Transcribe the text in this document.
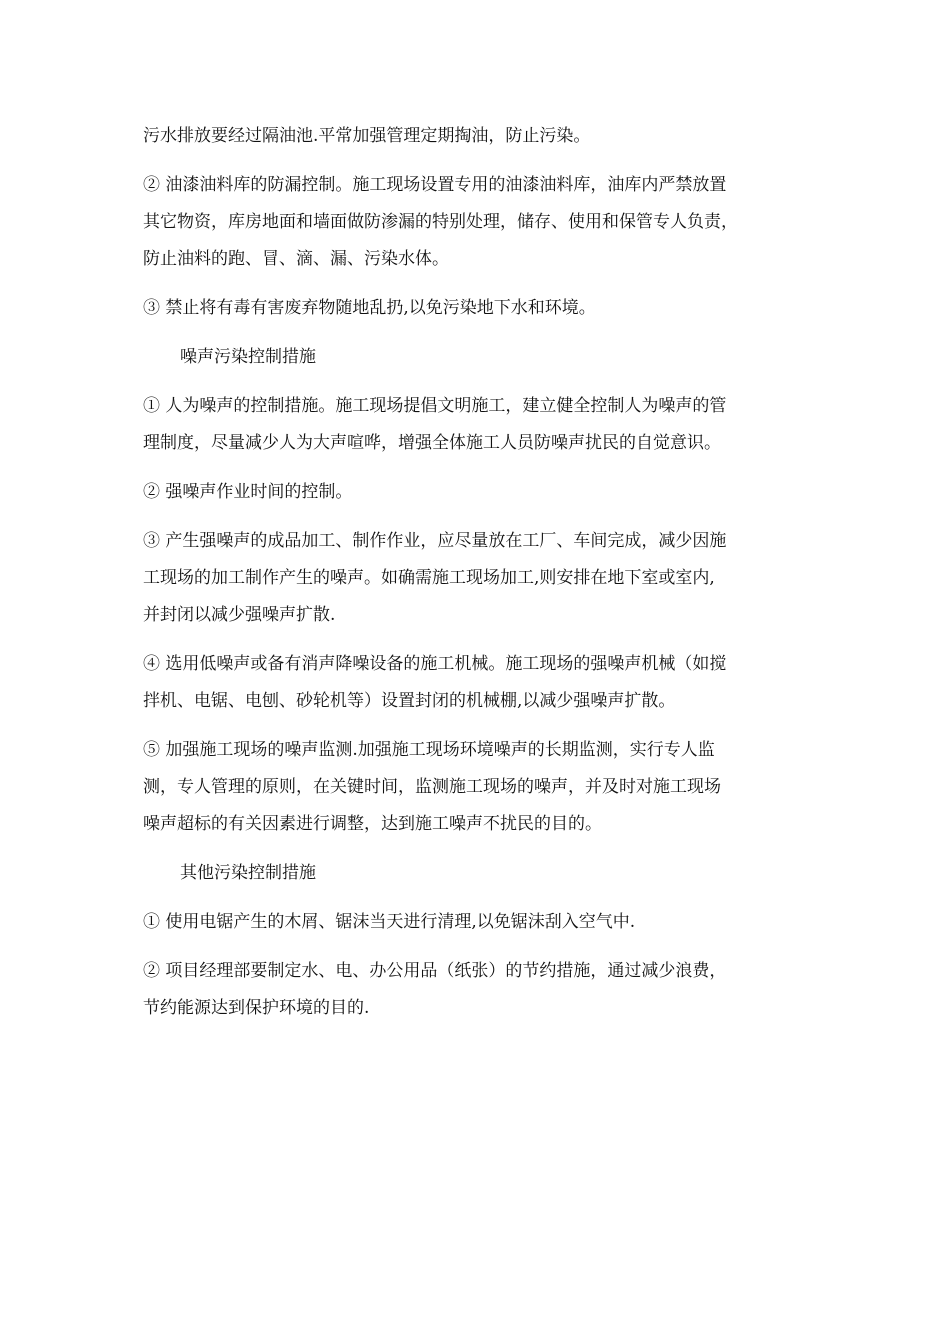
污水排放要经过隔油池.平常加强管理定期掏油，防止污染。

② 油漆油料库的防漏控制。施工现场设置专用的油漆油料库，油库内严禁放置
其它物资，库房地面和墙面做防渗漏的特别处理，储存、使用和保管专人负责，
防止油料的跑、冒、滴、漏、污染水体。

③ 禁止将有毒有害废弃物随地乱扔,以免污染地下水和环境。

噪声污染控制措施

① 人为噪声的控制措施。施工现场提倡文明施工，建立健全控制人为噪声的管
理制度，尽量减少人为大声喧哗，增强全体施工人员防噪声扰民的自觉意识。

② 强噪声作业时间的控制。

③ 产生强噪声的成品加工、制作作业，应尽量放在工厂、车间完成，减少因施
工现场的加工制作产生的噪声。如确需施工现场加工,则安排在地下室或室内,
并封闭以减少强噪声扩散.

④ 选用低噪声或备有消声降噪设备的施工机械。施工现场的强噪声机械（如搅
拌机、电锯、电刨、砂轮机等）设置封闭的机械棚,以减少强噪声扩散。

⑤ 加强施工现场的噪声监测.加强施工现场环境噪声的长期监测，实行专人监
测，专人管理的原则，在关键时间，监测施工现场的噪声，并及时对施工现场
噪声超标的有关因素进行调整，达到施工噪声不扰民的目的。

其他污染控制措施

① 使用电锯产生的木屑、锯沫当天进行清理,以免锯沫刮入空气中.

② 项目经理部要制定水、电、办公用品（纸张）的节约措施，通过减少浪费，
节约能源达到保护环境的目的.
